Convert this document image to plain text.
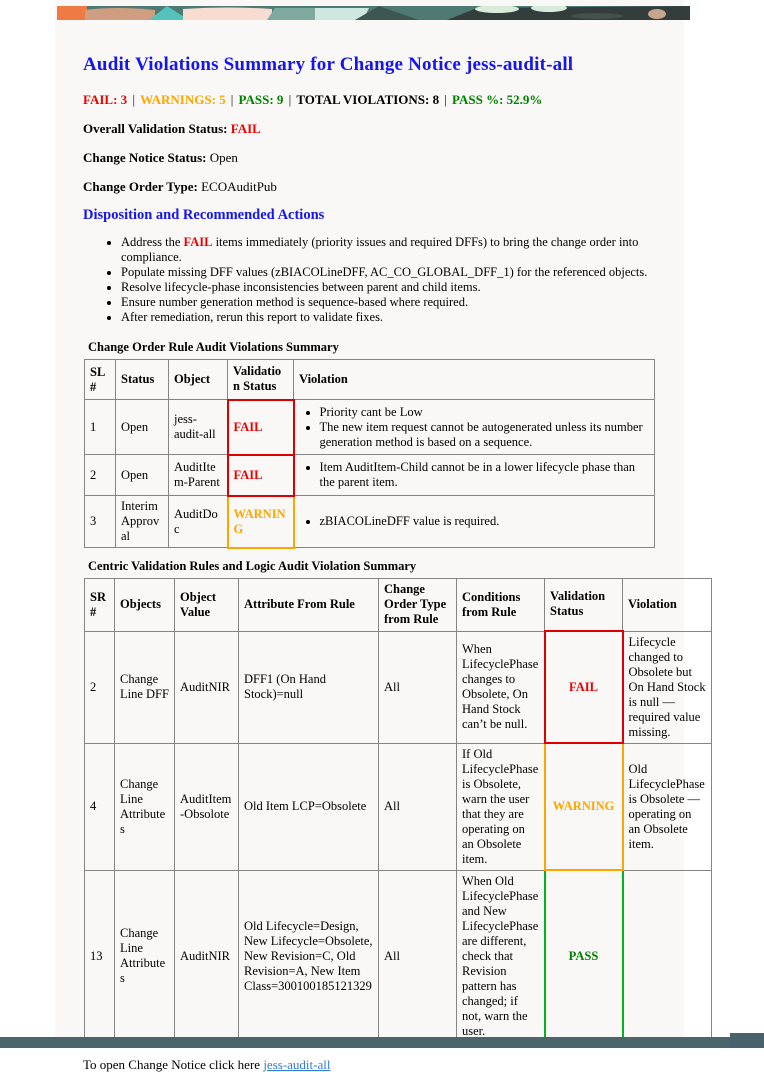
Audit Violations Summary for Change Notice jess-audit-all
FAIL: 3 | WARNINGS: 5 | PASS: 9 | TOTAL VIOLATIONS: 8 | PASS %: 52.9%

Overall Validation Status: FAIL

Change Notice Status: Open

Change Order Type: ECOAuditPub

Disposition and Recommended Actions
• Address the FAIL items immediately (priority issues and required DFFs) to bring the change order into compliance.
• Populate missing DFF values (zBIACOLineDFF, AC_CO_GLOBAL_DFF_1) for the referenced objects.
• Resolve lifecycle-phase inconsistencies between parent and child items.
• Ensure number generation method is sequence-based where required.
• After remediation, rerun this report to validate fixes.
Change Order Rule Audit Violations Summary
SL#	Status	Object	Validation Status	Violation
1	Open	jess-audit-all	FAIL	
• Priority cant be Low
• The new item request cannot be autogenerated unless its number generation method is based on a sequence.

2	Open	AuditItem-Parent	FAIL	
• Item AuditItem-Child cannot be in a lower lifecycle phase than the parent item.

3	Interim Approval	AuditDoc	WARNING	
• zBIACOLineDFF value is required.
Centric Validation Rules and Logic Audit Violation Summary
SR#	Objects	Object Value	Attribute From Rule	Change Order Type from Rule	Conditions from Rule	Validation Status	Violation
2	Change Line DFF	AuditNIR	DFF1 (On Hand Stock)=null	All	When LifecyclePhase changes to Obsolete, On Hand Stock can’t be null.	FAIL	Lifecycle changed to Obsolete but On Hand Stock is null — required value missing.
4	Change Line Attributes	AuditItem-Obsolote	Old Item LCP=Obsolete	All	If Old LifecyclePhase is Obsolete, warn the user that they are operating on an Obsolete item.	WARNING	Old LifecyclePhase is Obsolete — operating on an Obsolete item.
13	Change Line Attributes	AuditNIR	Old Lifecycle=Design, New Lifecycle=Obsolete, New Revision=C, Old Revision=A, New Item Class=300100185121329	All	When Old LifecyclePhase and New LifecyclePhase are different, check that Revision pattern has changed; if not, warn the user.	PASS	

To open Change Notice click here jess-audit-all
